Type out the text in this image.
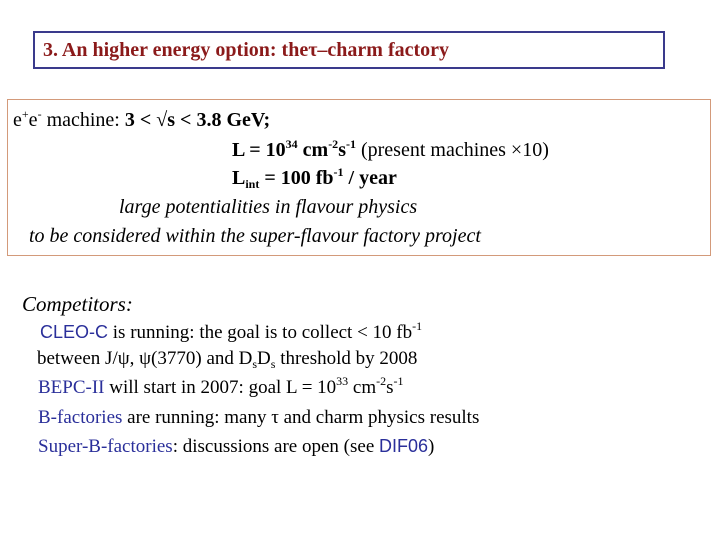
3. An higher energy option: the τ – charm factory
e+e- machine: 3 < √s < 3.8 GeV;
$L = 10^{34}$ $cm^{-2}s^{-1}$ (present machines ×10)
$L_{int} = 100$ $fb^{-1}$ / year
large potentialities in flavour physics
to be considered within the super-flavour factory project
Competitors:
CLEO-C is running: the goal is to collect < 10 $fb^{-1}$
between J/ψ, ψ(3770) and $D_sD_s$ threshold by 2008
BEPC-II will start in 2007: goal $L = 10^{33}$ $cm^{-2}s^{-1}$
B-factories are running: many τ and charm physics results
Super-B-factories: discussions are open (see DIF06)
